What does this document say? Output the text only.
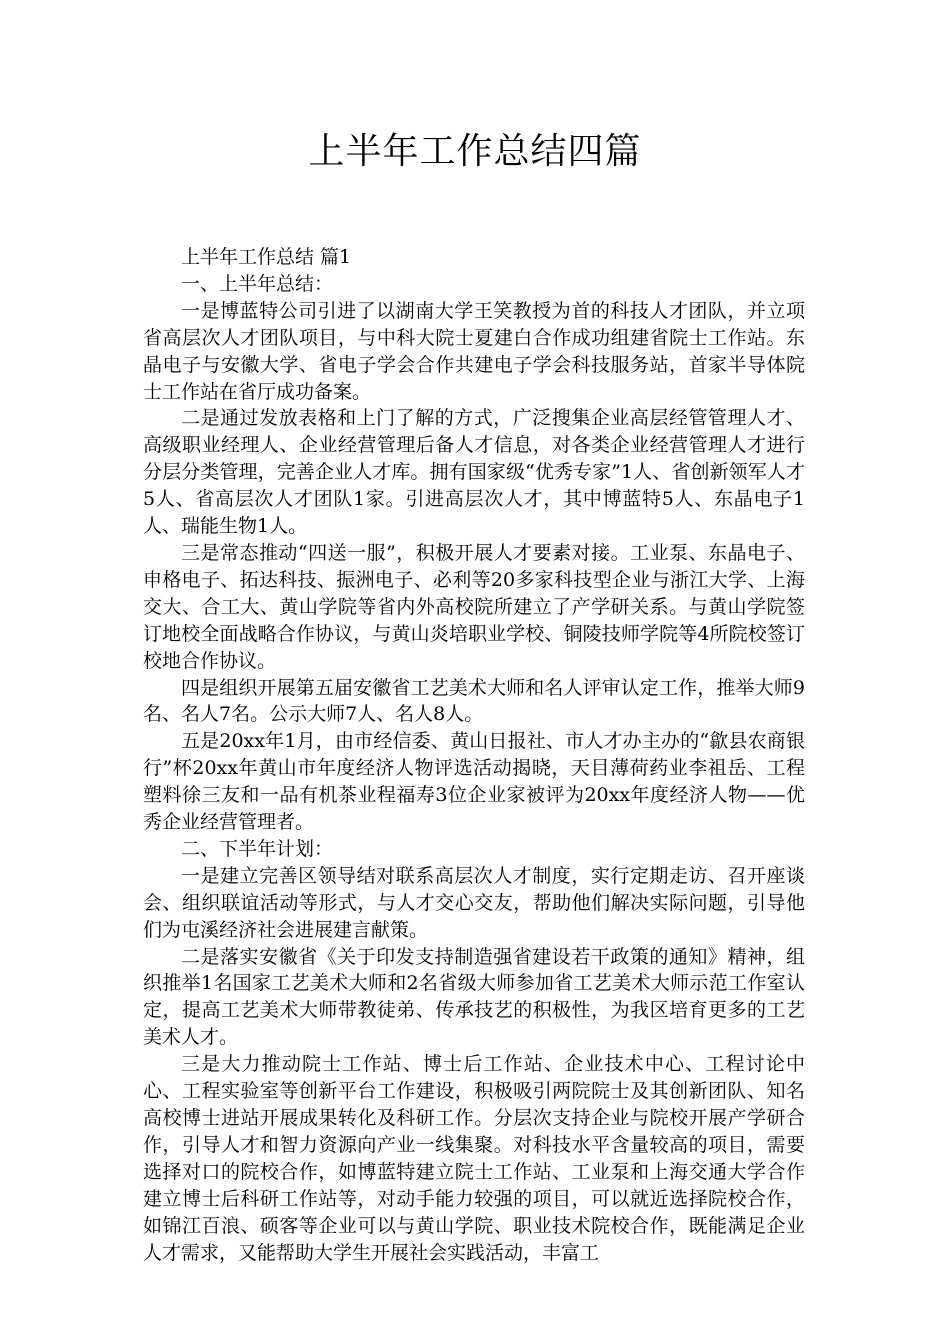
上半年工作总结四篇

上半年工作总结 篇1

一、上半年总结：

一是博蓝特公司引进了以湖南大学王笑教授为首的科技人才团队，并立项省高层次人才团队项目，与中科大院士夏建白合作成功组建省院士工作站。东晶电子与安徽大学、省电子学会合作共建电子学会科技服务站，首家半导体院士工作站在省厅成功备案。

二是通过发放表格和上门了解的方式，广泛搜集企业高层经管管理人才、高级职业经理人、企业经营管理后备人才信息，对各类企业经营管理人才进行分层分类管理，完善企业人才库。拥有国家级“优秀专家”1人、省创新领军人才5人、省高层次人才团队1家。引进高层次人才，其中博蓝特5人、东晶电子1人、瑞能生物1人。

三是常态推动“四送一服”，积极开展人才要素对接。工业泵、东晶电子、申格电子、拓达科技、振洲电子、必利等20多家科技型企业与浙江大学、上海交大、合工大、黄山学院等省内外高校院所建立了产学研关系。与黄山学院签订地校全面战略合作协议，与黄山炎培职业学校、铜陵技师学院等4所院校签订校地合作协议。

四是组织开展第五届安徽省工艺美术大师和名人评审认定工作，推举大师9名、名人7名。公示大师7人、名人8人。

五是20xx年1月，由市经信委、黄山日报社、市人才办主办的“歙县农商银行”杯20xx年黄山市年度经济人物评选活动揭晓，天目薄荷药业李祖岳、工程塑料徐三友和一品有机茶业程福寿3位企业家被评为20xx年度经济人物——优秀企业经营管理者。

二、下半年计划：

一是建立完善区领导结对联系高层次人才制度，实行定期走访、召开座谈会、组织联谊活动等形式，与人才交心交友，帮助他们解决实际问题，引导他们为屯溪经济社会进展建言献策。

二是落实安徽省《关于印发支持制造强省建设若干政策的通知》精神，组织推举1名国家工艺美术大师和2名省级大师参加省工艺美术大师示范工作室认定，提高工艺美术大师带教徒弟、传承技艺的积极性，为我区培育更多的工艺美术人才。

三是大力推动院士工作站、博士后工作站、企业技术中心、工程讨论中心、工程实验室等创新平台工作建设，积极吸引两院院士及其创新团队、知名高校博士进站开展成果转化及科研工作。分层次支持企业与院校开展产学研合作，引导人才和智力资源向产业一线集聚。对科技水平含量较高的项目，需要选择对口的院校合作，如博蓝特建立院士工作站、工业泵和上海交通大学合作建立博士后科研工作站等，对动手能力较强的项目，可以就近选择院校合作，如锦江百浪、硕客等企业可以与黄山学院、职业技术院校合作，既能满足企业人才需求，又能帮助大学生开展社会实践活动，丰富工
